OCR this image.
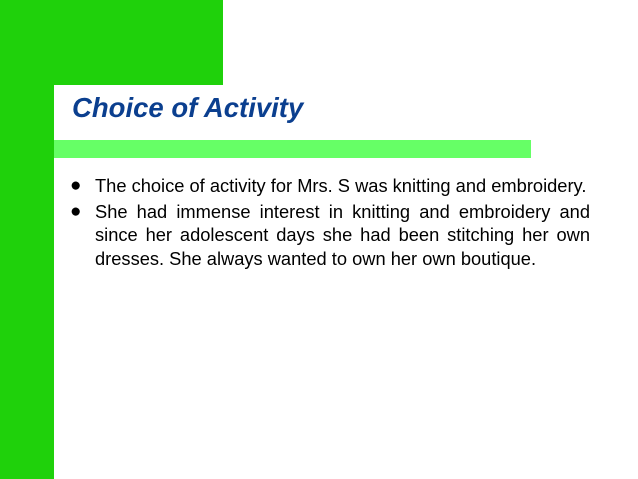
Choice of Activity
● The choice of activity for Mrs. S was knitting and embroidery.
● She had immense interest in knitting and embroidery and since her adolescent days she had been stitching her own dresses. She always wanted to own her own boutique.
